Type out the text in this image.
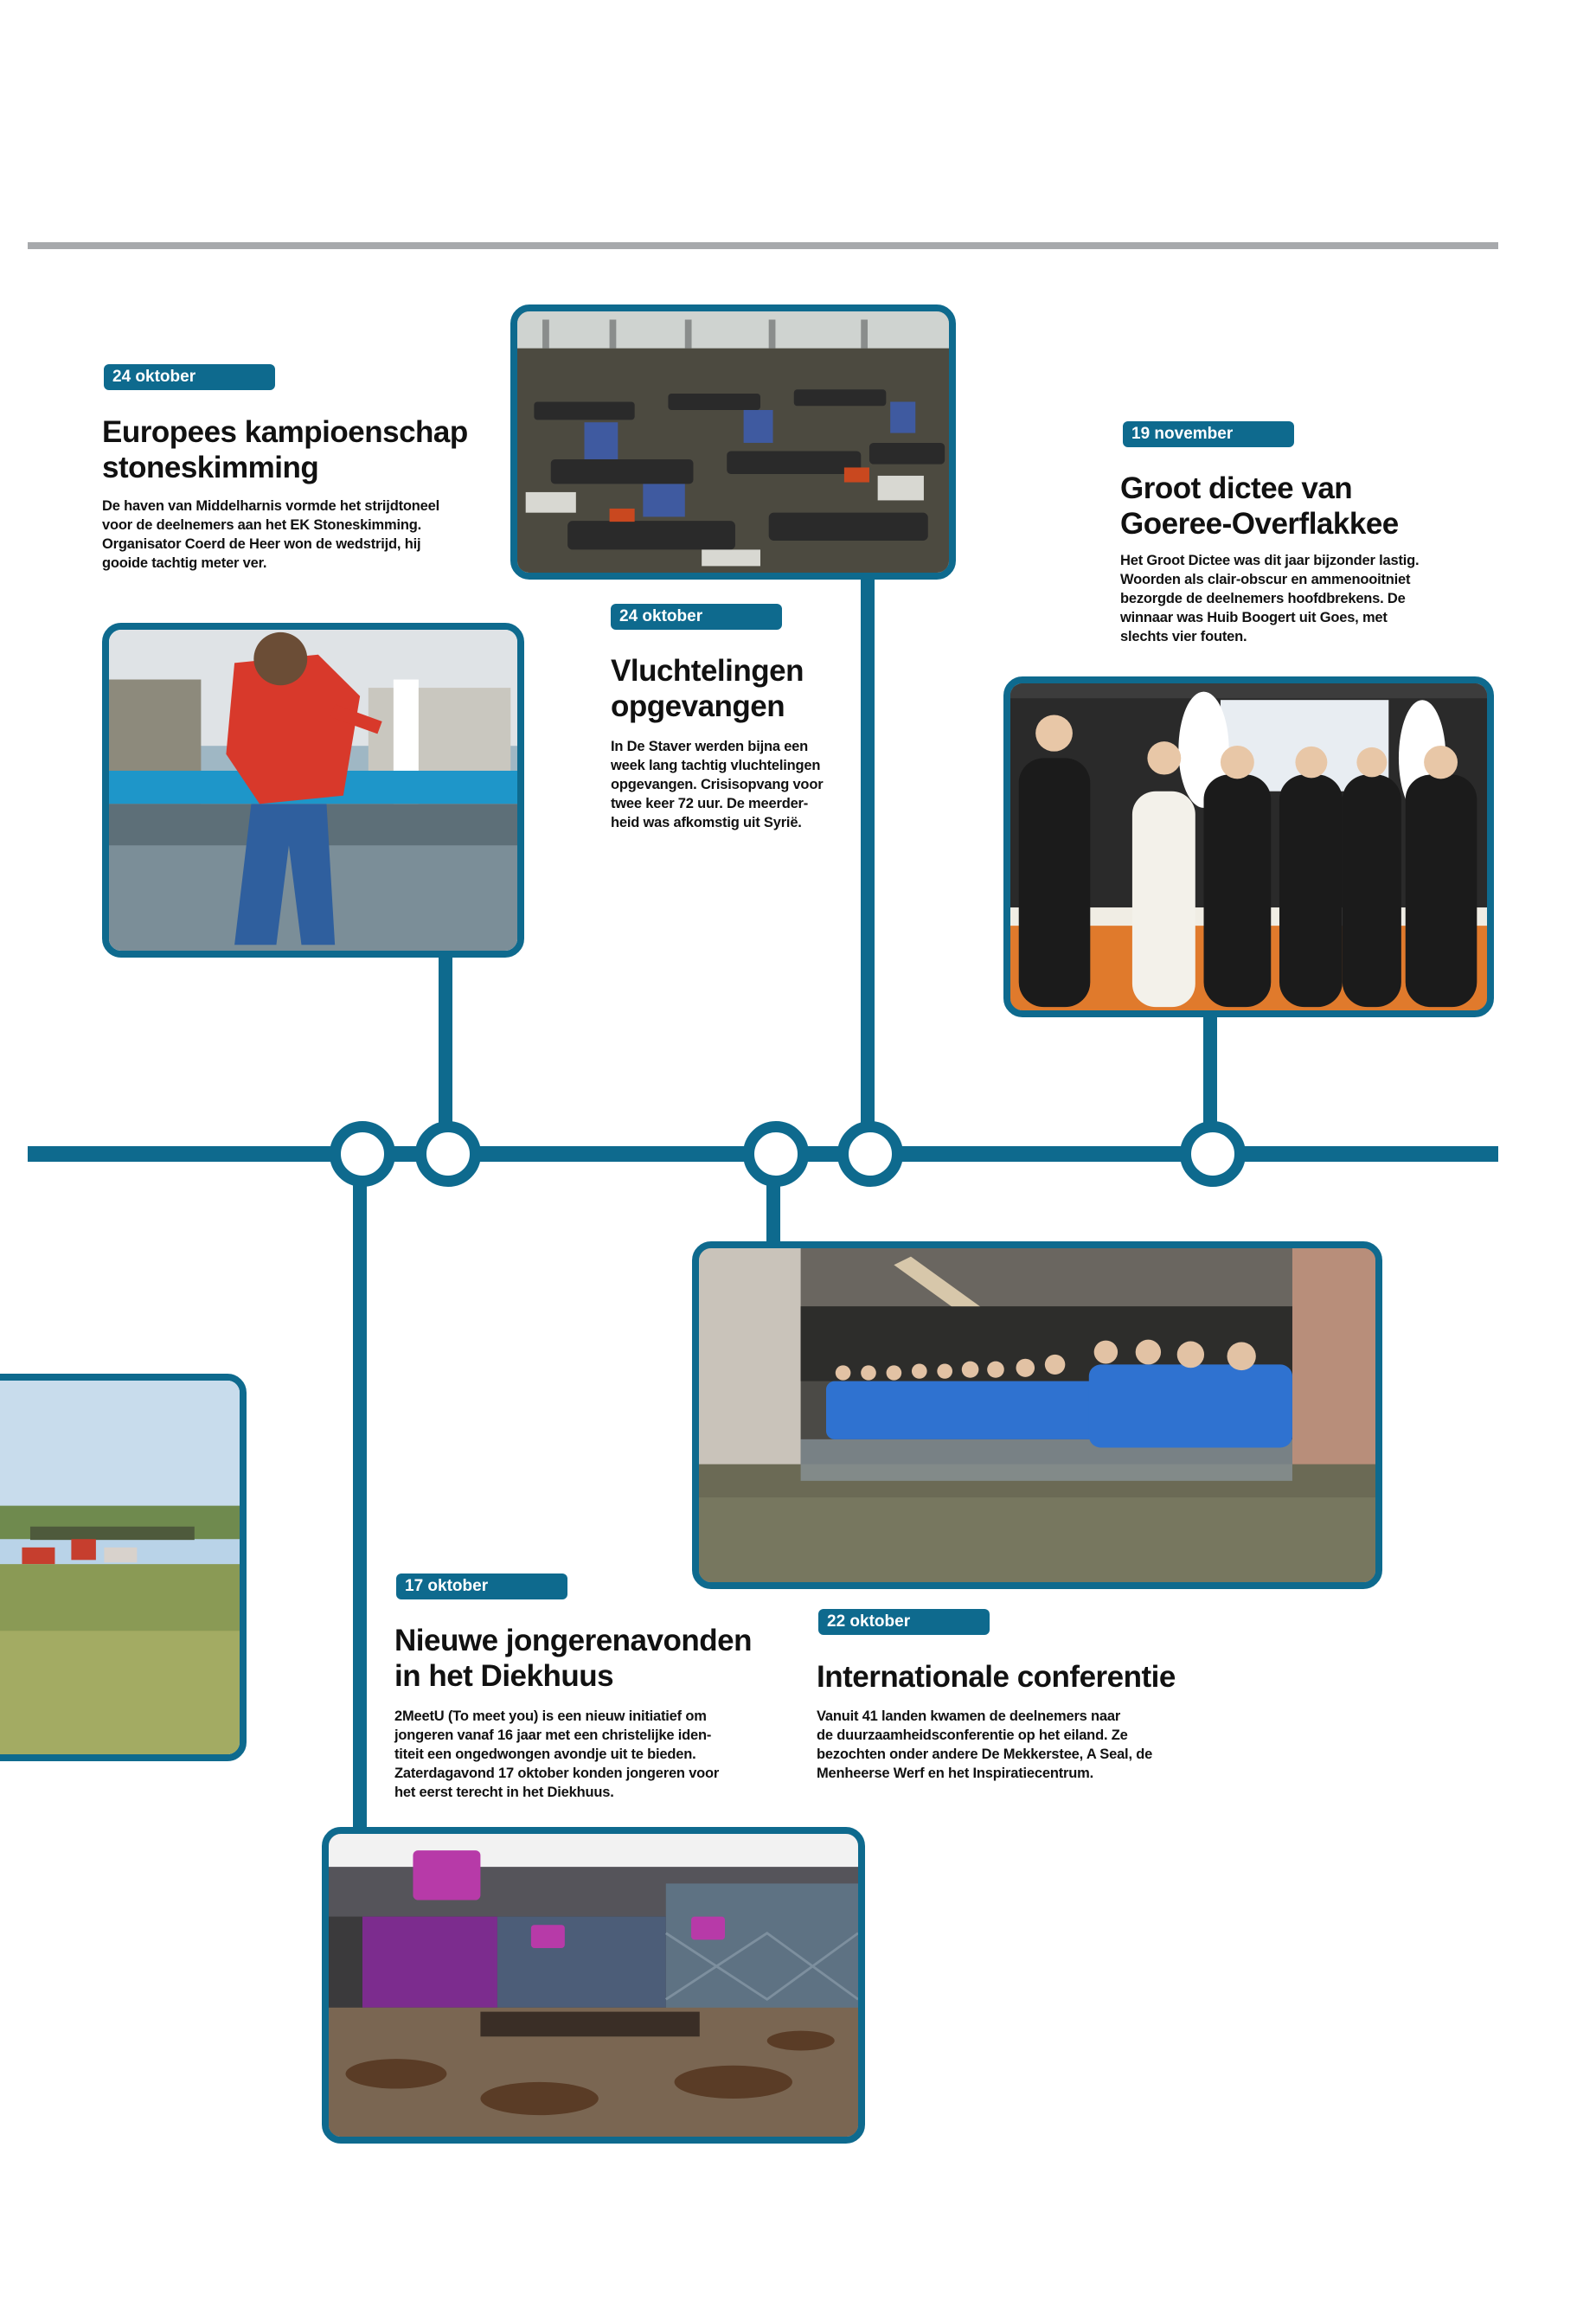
24 oktober
Europees kampioenschap
stoneskimming

De haven van Middelharnis vormde het strijdtoneel
voor de deelnemers aan het EK Stoneskimming.
Organisator Coerd de Heer won de wedstrijd, hij
gooide tachtig meter ver.

24 oktober
Vluchtelingen
opgevangen

In De Staver werden bijna een
week lang tachtig vluchtelingen
opgevangen. Crisisopvang voor
twee keer 72 uur. De meerder-
heid was afkomstig uit Syrië.

19 november
Groot dictee van
Goeree-Overflakkee

Het Groot Dictee was dit jaar bijzonder lastig.
Woorden als clair-obscur en ammenooitniet
bezorgde de deelnemers hoofdbrekens. De
winnaar was Huib Boogert uit Goes, met
slechts vier fouten.

17 oktober
Nieuwe jongerenavonden
in het Diekhuus

2MeetU (To meet you) is een nieuw initiatief om
jongeren vanaf 16 jaar met een christelijke iden-
titeit een ongedwongen avondje uit te bieden.
Zaterdagavond 17 oktober konden jongeren voor
het eerst terecht in het Diekhuus.

22 oktober
Internationale conferentie

Vanuit 41 landen kwamen de deelnemers naar
de duurzaamheidsconferentie op het eiland. Ze
bezochten onder andere De Mekkerstee, A Seal, de
Menheerse Werf en het Inspiratiecentrum.
